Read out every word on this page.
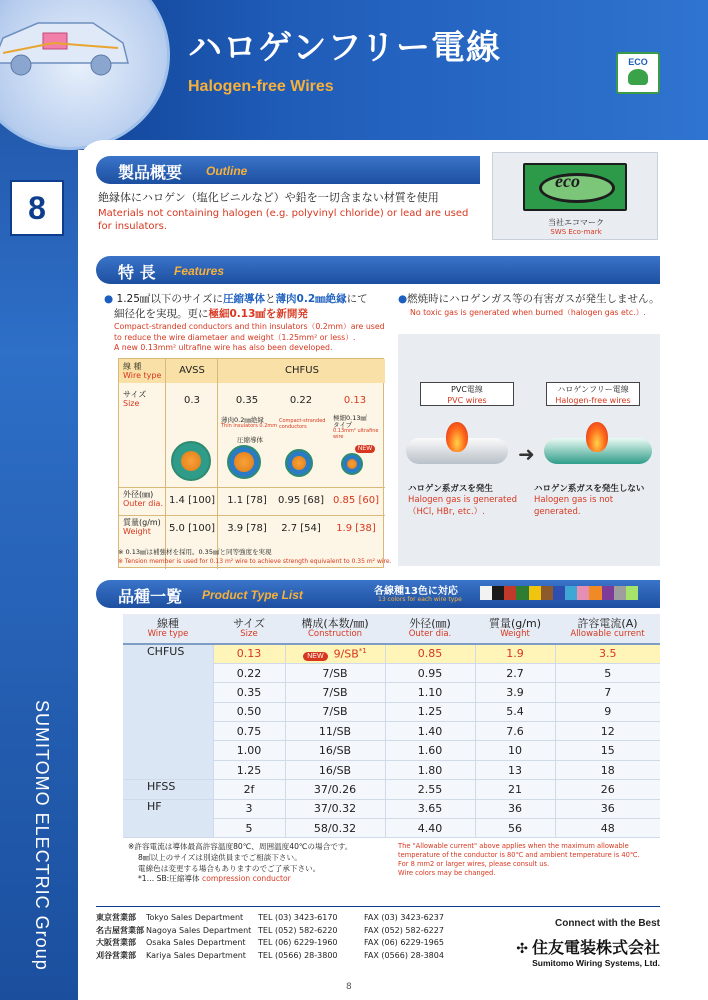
ハロゲンフリー電線
Halogen-free Wires
ECO
8
SUMITOMO ELECTRIC Group
製品概要 Outline
絶縁体にハロゲン（塩化ビニルなど）や鉛を一切含まない材質を使用
Materials not containing halogen (e.g. polyvinyl chloride) or lead are used for insulators.
eco
当社エコマーク
SWS Eco-mark
特 長 Features
● 1.25㎟以下のサイズに圧縮導体と薄肉0.2㎜絶縁にて
細径化を実現。更に極細0.13㎟を新開発
Compact-stranded conductors and thin insulators（0.2mm）are used to reduce the wire diametaer and weight（1.25mm² or less）.
A new 0.13mm² ultrafine wire has also been developed.
●燃焼時にハロゲンガス等の有害ガスが発生しません。
No toxic gas is generated when burned（halogen gas etc.）.
線 種
Wire type	AVSS	CHFUS
サイズ
Size	0.3	0.35	0.22	0.13
薄肉0.2㎜絶縁
Thin insulators 0.2mm
圧縮導体
Compact-stranded conductors
極細0.13㎟
タイプ
0.13mm² ultrafine wire
NEW
外径(㎜)
Outer dia. 1.4 [100]	1.1 [78]	0.95 [68] 0.85 [60]
質量(g/m)
Weight	5.0 [100]	3.9 [78]	2.7 [54]	1.9 [38]
※ 0.13㎟は補強材を採用。0.35㎟と同等強度を実現
※ Tension member is used for 0.13 m² wire to achieve strength equivalent to 0.35 m² wire.
PVC電線
PVC wires
ハロゲンフリー電線
Halogen-free wires
➜
ハロゲン系ガスを発生
Halogen gas is generated
（HCl, HBr, etc.）.
ハロゲン系ガスを発生しない
Halogen gas is not generated.
品種一覧 Product Type List	各線種13色に対応
13 colors for each wire type
線種
Wire type	サイズ
Size	構成(本数/㎜)
Construction	外径(㎜)
Outer dia.	質量(g/m)
Weight	許容電流(A)
Allowable current

CHFUS	0.13	NEW 9/SB$^{*1}$	0.85	1.9	3.5
	0.22	7/SB	0.95	2.7	5
	0.35	7/SB	1.10	3.9	7
	0.50	7/SB	1.25	5.4	9
	0.75	11/SB	1.40	7.6	12
	1.00	16/SB	1.60	10	15
	1.25	16/SB	1.80	13	18
HFSS	2f	37/0.26	2.55	21	26
HF	3	37/0.32	3.65	36	36
	5	58/0.32	4.40	56	48
※許容電流は導体最高許容温度80℃、周囲温度40℃の場合です。
8㎟以上のサイズは別途供員までご相談下さい。
電線色は変更する場合もありますのでご了承下さい。
*1… SB:圧縮導体 compression conductor
The "Allowable current" above applies when the maximum allowable temperature of the conductor is 80℃ and ambient temperature is 40℃.
For 8 mm2 or larger wires, please consult us.
Wire colors may be changed.
東京営業部 Tokyo Sales Department TEL (03) 3423-6170	FAX (03) 3423-6237
名古屋営業部 Nagoya Sales Department TEL (052) 582-6220	FAX (052) 582-6227
大阪営業部 Osaka Sales Department TEL (06) 6229-1960	FAX (06) 6229-1965
刈谷営業部 Kariya Sales Department TEL (0566) 28-3800	FAX (0566) 28-3804
Connect with the Best
✣ 住友電装株式会社
Sumitomo Wiring Systems, Ltd.
8
